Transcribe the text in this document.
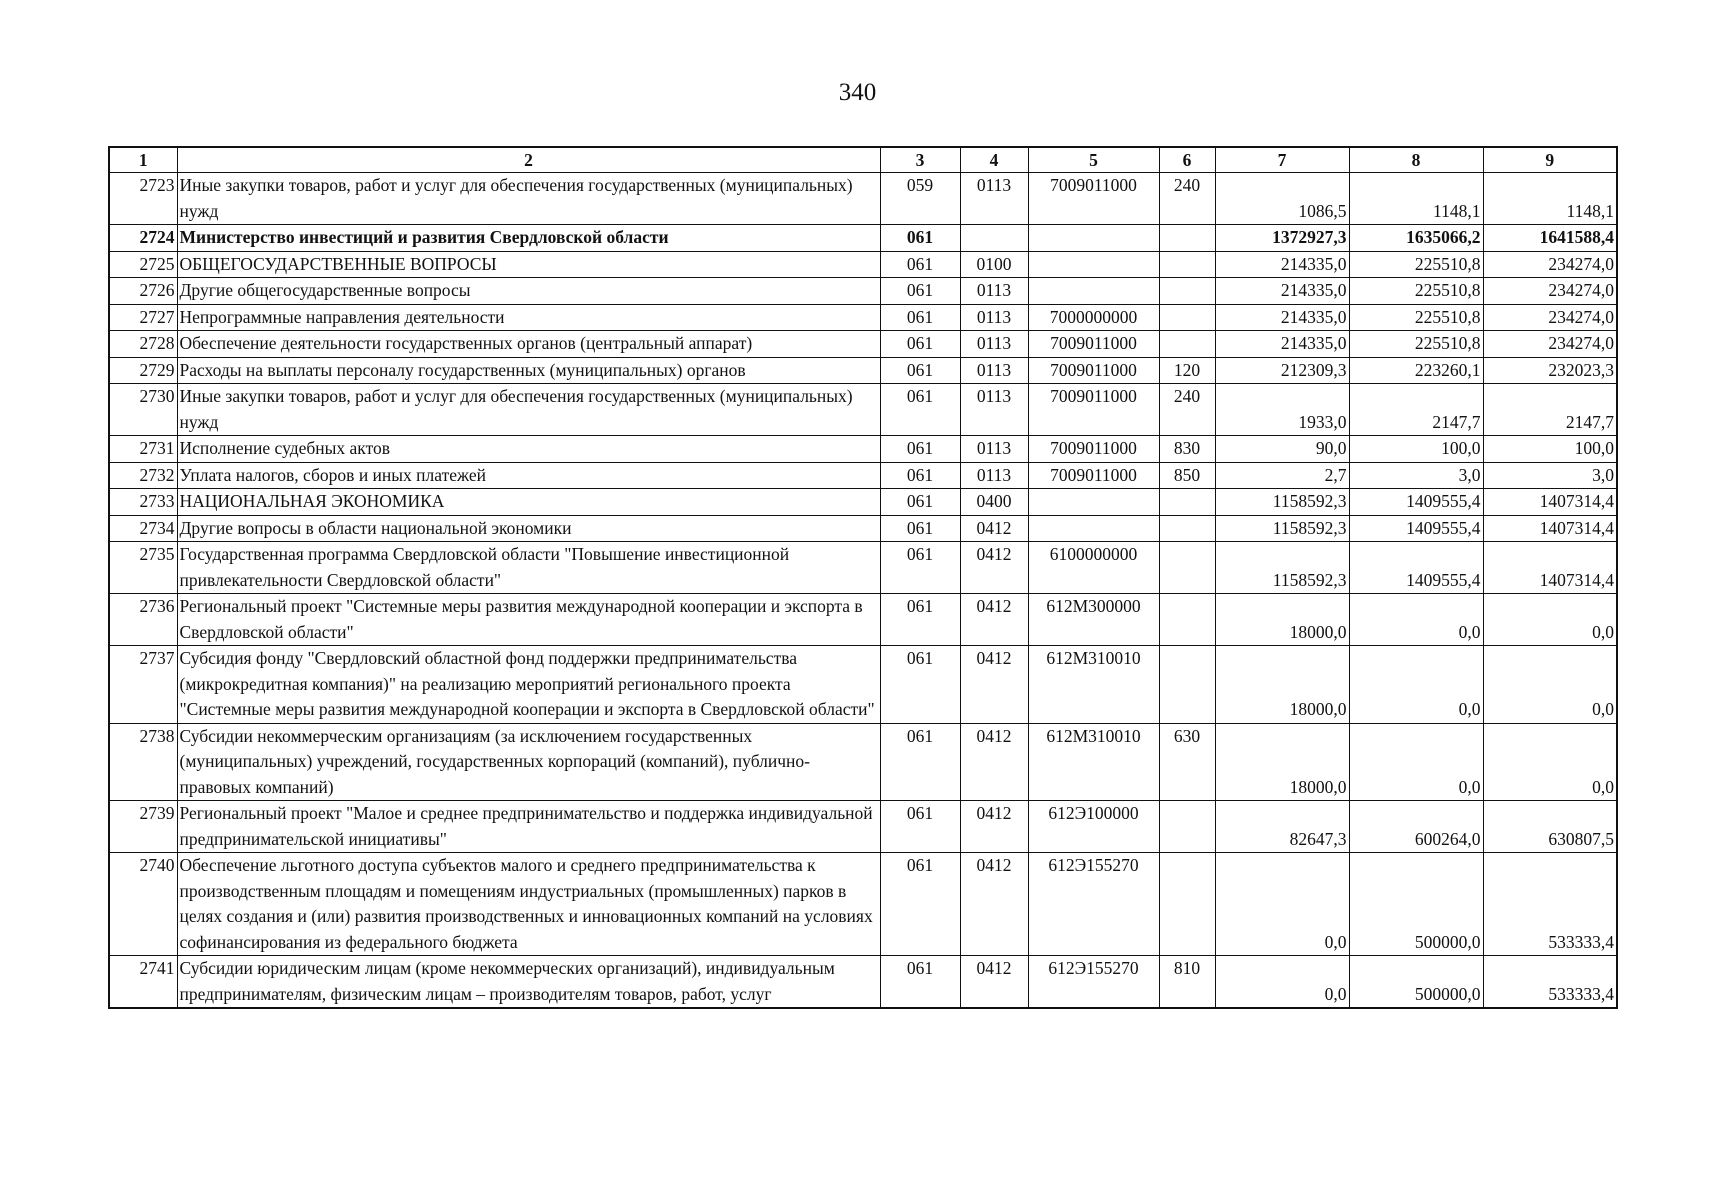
340
1	2	3	4	5	6	7	8	9
2723	Иные закупки товаров, работ и услуг для обеспечения государственных (муниципальных) нужд	059	0113	7009011000	240	1086,5	1148,1	1148,1
2724	Министерство инвестиций и развития Свердловской области	061				1372927,3	1635066,2	1641588,4
2725	ОБЩЕГОСУДАРСТВЕННЫЕ ВОПРОСЫ	061	0100			214335,0	225510,8	234274,0
2726	Другие общегосударственные вопросы	061	0113			214335,0	225510,8	234274,0
2727	Непрограммные направления деятельности	061	0113	7000000000		214335,0	225510,8	234274,0
2728	Обеспечение деятельности государственных органов (центральный аппарат)	061	0113	7009011000		214335,0	225510,8	234274,0
2729	Расходы на выплаты персоналу государственных (муниципальных) органов	061	0113	7009011000	120	212309,3	223260,1	232023,3
2730	Иные закупки товаров, работ и услуг для обеспечения государственных (муниципальных) нужд	061	0113	7009011000	240	1933,0	2147,7	2147,7
2731	Исполнение судебных актов	061	0113	7009011000	830	90,0	100,0	100,0
2732	Уплата налогов, сборов и иных платежей	061	0113	7009011000	850	2,7	3,0	3,0
2733	НАЦИОНАЛЬНАЯ ЭКОНОМИКА	061	0400			1158592,3	1409555,4	1407314,4
2734	Другие вопросы в области национальной экономики	061	0412			1158592,3	1409555,4	1407314,4
2735	Государственная программа Свердловской области "Повышение инвестиционной привлекательности Свердловской области"	061	0412	6100000000		1158592,3	1409555,4	1407314,4
2736	Региональный проект "Системные меры развития международной кооперации и экспорта в Свердловской области"	061	0412	612M300000		18000,0	0,0	0,0
2737	Субсидия фонду "Свердловский областной фонд поддержки предпринимательства (микрокредитная компания)" на реализацию мероприятий регионального проекта "Системные меры развития международной кооперации и экспорта в Свердловской области"	061	0412	612M310010		18000,0	0,0	0,0
2738	Субсидии некоммерческим организациям (за исключением государственных (муниципальных) учреждений, государственных корпораций (компаний), публично-правовых компаний)	061	0412	612M310010	630	18000,0	0,0	0,0
2739	Региональный проект "Малое и среднее предпринимательство и поддержка индивидуальной предпринимательской инициативы"	061	0412	612Э100000		82647,3	600264,0	630807,5
2740	Обеспечение льготного доступа субъектов малого и среднего предпринимательства к производственным площадям и помещениям индустриальных (промышленных) парков в целях создания и (или) развития производственных и инновационных компаний на условиях софинансирования из федерального бюджета	061	0412	612Э155270		0,0	500000,0	533333,4
2741	Субсидии юридическим лицам (кроме некоммерческих организаций), индивидуальным предпринимателям, физическим лицам – производителям товаров, работ, услуг	061	0412	612Э155270	810	0,0	500000,0	533333,4
